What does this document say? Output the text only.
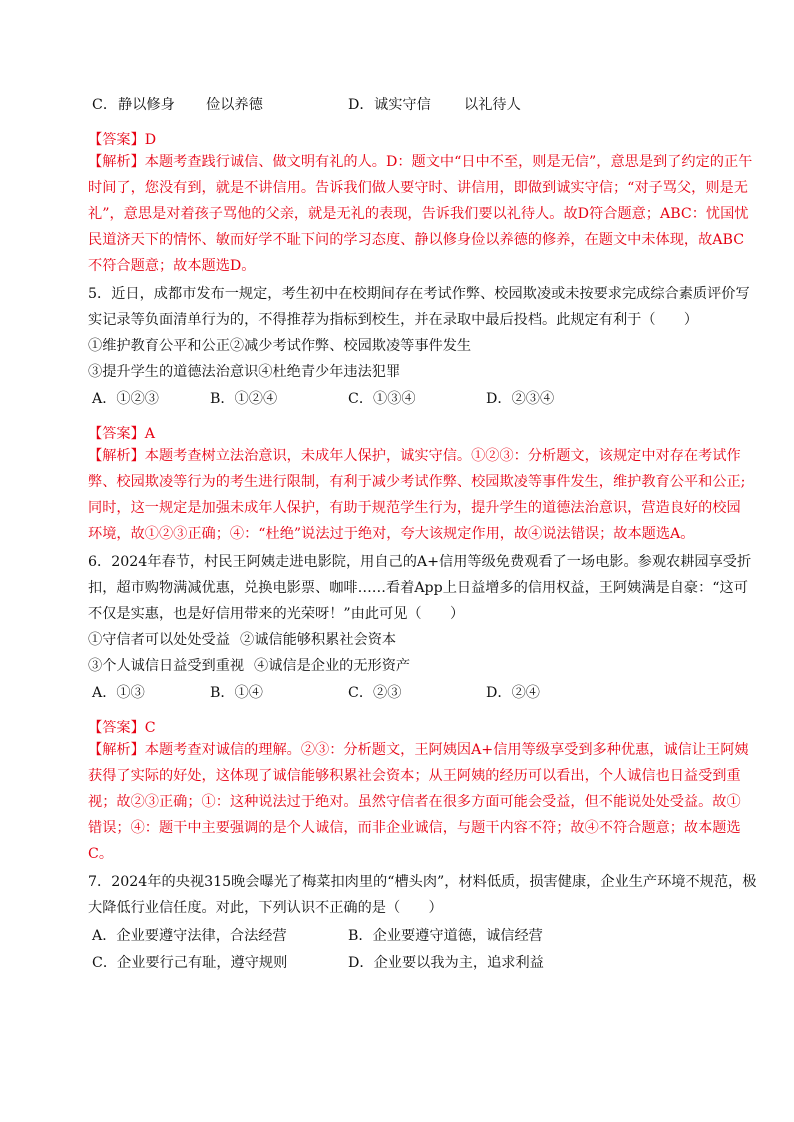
C． 静以修身 俭以养德	D． 诚实守信 以礼待人

【答案】D

【解析】本题考查践行诚信、做文明有礼的人。D：题文中“日中不至，则是无信”，意思是到了约定的正午

时间了，您没有到，就是不讲信用。告诉我们做人要守时、讲信用，即做到诚实守信；“对子骂父，则是无

礼”，意思是对着孩子骂他的父亲，就是无礼的表现，告诉我们要以礼待人。故D符合题意；ABC：忧国忧

民道济天下的情怀、敏而好学不耻下问的学习态度、静以修身俭以养德的修养，在题文中未体现，故ABC

不符合题意；故本题选D。

5．近日，成都市发布一规定，考生初中在校期间存在考试作弊、校园欺凌或未按要求完成综合素质评价写

实记录等负面清单行为的，不得推荐为指标到校生，并在录取中最后投档。此规定有利于（　　）

①维护教育公平和公正②减少考试作弊、校园欺凌等事件发生

③提升学生的道德法治意识④杜绝青少年违法犯罪

A．①②③	B．①②④	C．①③④	D．②③④

【答案】A

【解析】本题考查树立法治意识，未成年人保护，诚实守信。①②③：分析题文，该规定中对存在考试作

弊、校园欺凌等行为的考生进行限制，有利于减少考试作弊、校园欺凌等事件发生，维护教育公平和公正;

同时，这一规定是加强未成年人保护，有助于规范学生行为，提升学生的道德法治意识，营造良好的校园

环境，故①②③正确；④：“杜绝”说法过于绝对，夸大该规定作用，故④说法错误；故本题选A。

6．2024年春节，村民王阿姨走进电影院，用自己的A+信用等级免费观看了一场电影。参观农耕园享受折

扣，超市购物满减优惠，兑换电影票、咖啡……看着App上日益增多的信用权益，王阿姨满是自豪：“这可

不仅是实惠，也是好信用带来的光荣呀！”由此可见（　　）

①守信者可以处处受益 ②诚信能够积累社会资本
③个人诚信日益受到重视 ④诚信是企业的无形资产
A．①③	B．①④	C．②③	D．②④

【答案】C

【解析】本题考查对诚信的理解。②③：分析题文，王阿姨因A+信用等级享受到多种优惠，诚信让王阿姨

获得了实际的好处，这体现了诚信能够积累社会资本；从王阿姨的经历可以看出，个人诚信也日益受到重

视；故②③正确；①：这种说法过于绝对。虽然守信者在很多方面可能会受益，但不能说处处受益。故①

错误；④：题干中主要强调的是个人诚信，而非企业诚信，与题干内容不符；故④不符合题意；故本题选

C。

7．2024年的央视315晚会曝光了梅菜扣肉里的“槽头肉”，材料低质，损害健康，企业生产环境不规范，极

大降低行业信任度。对此，下列认识不正确的是（　　）

A．企业要遵守法律，合法经营	B．企业要遵守道德，诚信经营
C．企业要行己有耻，遵守规则	D．企业要以我为主，追求利益
